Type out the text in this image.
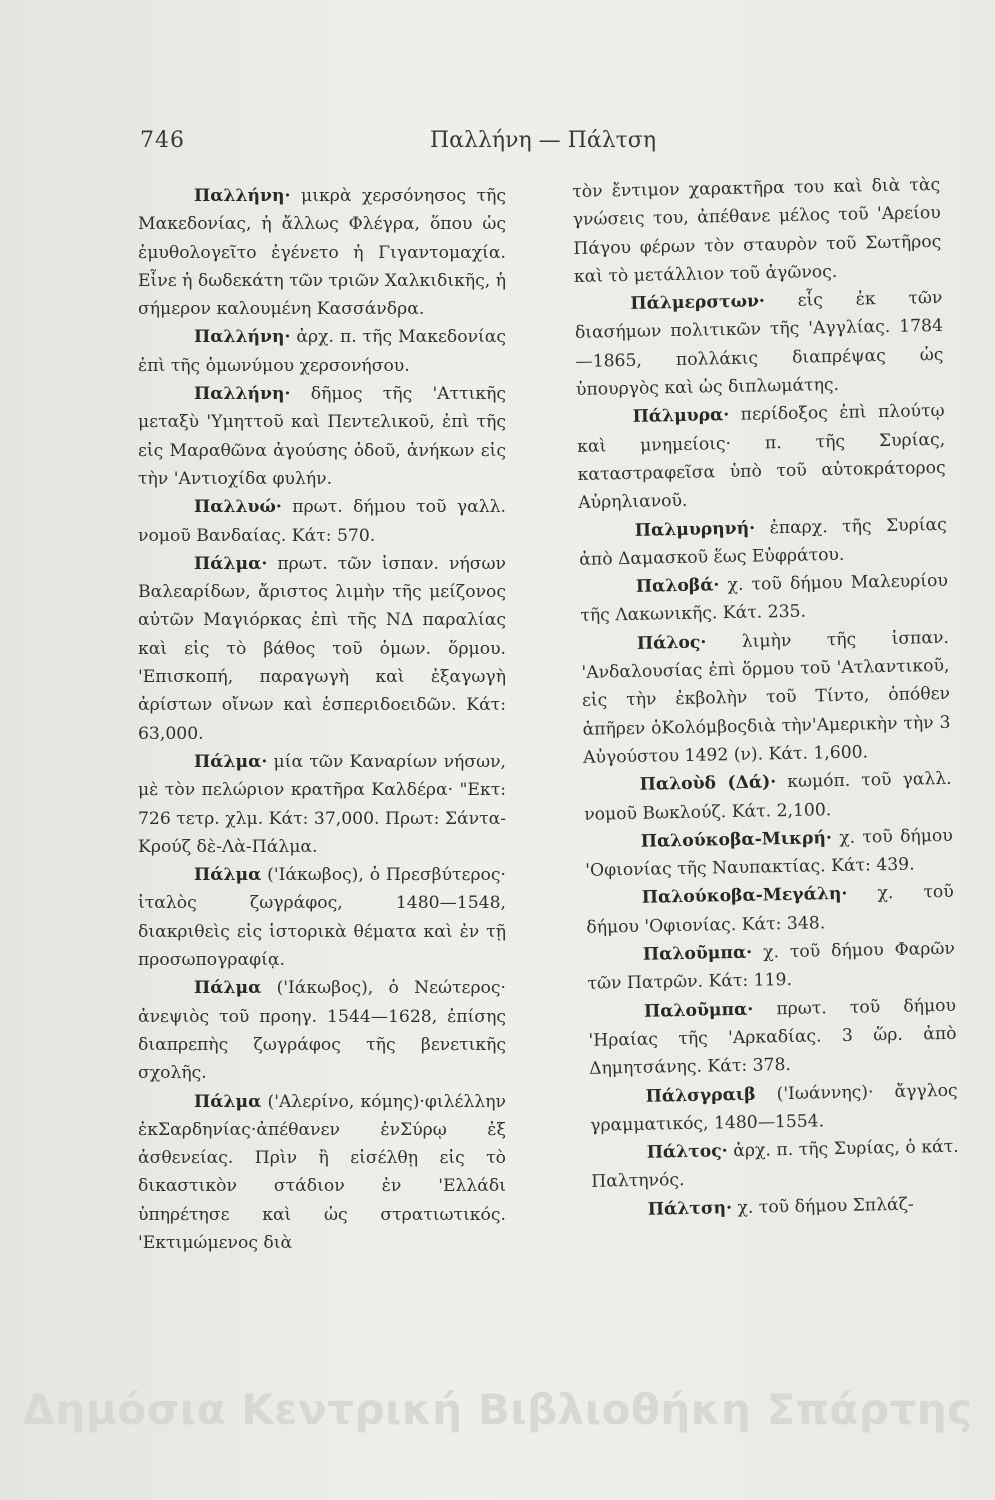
746	Παλλήνη — Πάλτση

Παλλήνη· μικρὰ χερσόνησος τῆς Μακεδονίας, ἡ ἄλλως Φλέγρα, ὅπου ὡς ἐμυθολογεῖτο ἐγένετο ἡ Γιγαντομαχία. Εἶνε ἡ δωδεκάτη τῶν τριῶν Χαλκιδικῆς, ἡ σήμερον καλουμένη Κασσάνδρα.

Παλλήνη· ἀρχ. π. τῆς Μακεδονίας ἐπὶ τῆς ὁμωνύμου χερσονήσου.

Παλλήνη· δῆμος τῆς 'Αττικῆς μεταξὺ 'Υμηττοῦ καὶ Πεντελικοῦ, ἐπὶ τῆς εἰς Μαραθῶνα ἀγούσης ὁδοῦ, ἀνήκων εἰς τὴν 'Αντιοχίδα φυλήν.

Παλλυώ· πρωτ. δήμου τοῦ γαλλ. νομοῦ Βανδαίας. Κάτ: 570.

Πάλμα· πρωτ. τῶν ἱσπαν. νήσων Βαλεαρίδων, ἄριστος λιμὴν τῆς μείζονος αὐτῶν Μαγιόρκας ἐπὶ τῆς ΝΔ παραλίας καὶ εἰς τὸ βάθος τοῦ ὁμων. ὅρμου. 'Επισκοπή, παραγωγὴ καὶ ἐξαγωγὴ ἀρίστων οἴνων καὶ ἑσπεριδοειδῶν. Κάτ: 63,000.

Πάλμα· μία τῶν Καναρίων νήσων, μὲ τὸν πελώριον κρατῆρα Καλδέρα· "Εκτ: 726 τετρ. χλμ. Κάτ: 37,000. Πρωτ: Σάντα-Κρούζ δὲ-Λὰ-Πάλμα.

Πάλμα ('Ιάκωβος), ὁ Πρεσβύτερος· ἰταλὸς ζωγράφος, 1480—1548, διακριθεὶς εἰς ἱστορικὰ θέματα καὶ ἐν τῇ προσωπογραφίᾳ.

Πάλμα ('Ιάκωβος), ὁ Νεώτερος· ἀνεψιὸς τοῦ προηγ. 1544—1628, ἐπίσης διαπρεπὴς ζωγράφος τῆς βενετικῆς σχολῆς.

Πάλμα ('Αλερίνο, κόμης)·φιλέλλην ἐκΣαρδηνίας·ἀπέθανεν ἐνΣύρῳ ἐξ ἀσθενείας. Πρὶν ἢ εἰσέλθῃ εἰς τὸ δικαστικὸν στάδιον ἐν 'Ελλάδι ὑπηρέτησε καὶ ὡς στρατιωτικός. 'Εκτιμώμενος διὰ

τὸν ἔντιμον χαρακτῆρα του καὶ διὰ τὰς γνώσεις του, ἀπέθανε μέλος τοῦ 'Αρείου Πάγου φέρων τὸν σταυρὸν τοῦ Σωτῆρος καὶ τὸ μετάλλιον τοῦ ἀγῶνος.

Πάλμερστων· εἷς ἐκ τῶν διασήμων πολιτικῶν τῆς 'Αγγλίας. 1784—1865, πολλάκις διαπρέψας ὡς ὑπουργὸς καὶ ὡς διπλωμάτης.

Πάλμυρα· περίδοξος ἐπὶ πλούτῳ καὶ μνημείοις· π. τῆς Συρίας, καταστραφεῖσα ὑπὸ τοῦ αὐτοκράτορος Αὐρηλιανοῦ.

Παλμυρηνή· ἐπαρχ. τῆς Συρίας ἀπὸ Δαμασκοῦ ἕως Εὐφράτου.

Παλοβά· χ. τοῦ δήμου Μαλευρίου τῆς Λακωνικῆς. Κάτ. 235.

Πάλος· λιμὴν τῆς ἱσπαν. 'Ανδαλουσίας ἐπὶ ὅρμου τοῦ 'Ατλαντικοῦ, εἰς τὴν ἐκβολὴν τοῦ Τίντο, ὁπόθεν ἀπῆρεν ὁΚολόμβοςδιὰ τὴν'Αμερικὴν τὴν 3 Αὐγούστου 1492 (ν). Κάτ. 1,600.

Παλοὺδ (Δά)· κωμόπ. τοῦ γαλλ. νομοῦ Βωκλούζ. Κάτ. 2,100.

Παλούκοβα-Μικρή· χ. τοῦ δήμου 'Οφιονίας τῆς Ναυπακτίας. Κάτ: 439.

Παλούκοβα-Μεγάλη· χ. τοῦ δήμου 'Οφιονίας. Κάτ: 348.

Παλοῦμπα· χ. τοῦ δήμου Φαρῶν τῶν Πατρῶν. Κάτ: 119.

Παλοῦμπα· πρωτ. τοῦ δήμου 'Ηραίας τῆς 'Αρκαδίας. 3 ὥρ. ἀπὸ Δημητσάνης. Κάτ: 378.

Πάλσγραιβ ('Ιωάννης)· ἄγγλος γραμματικός, 1480—1554.

Πάλτος· ἀρχ. π. τῆς Συρίας, ὁ κάτ. Παλτηνός.

Πάλτση· χ. τοῦ δήμου Σπλάζ-

Δημόσια Κεντρική Βιβλιοθήκη Σπάρτης
